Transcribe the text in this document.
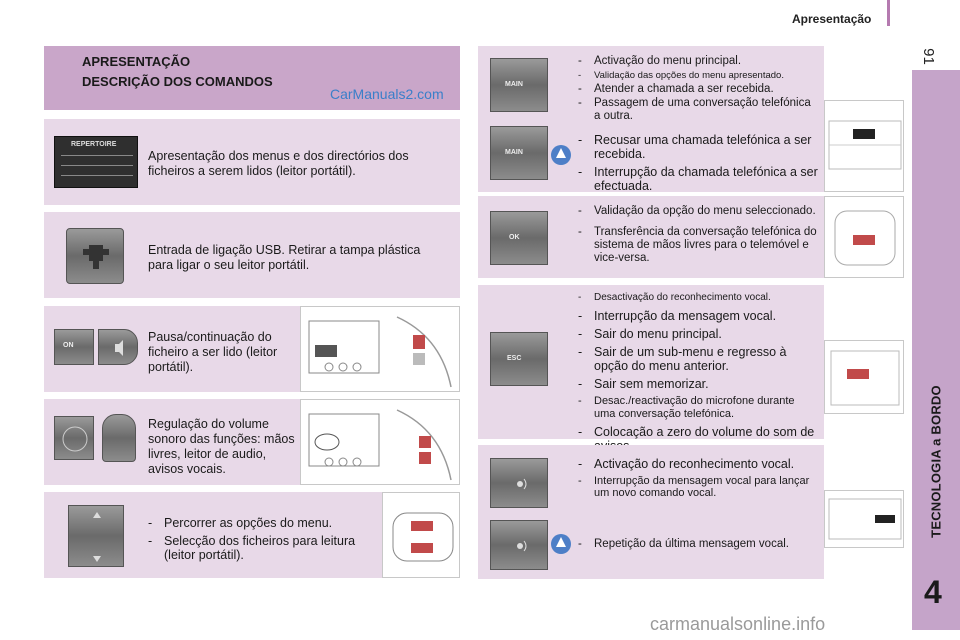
Apresentação
91
TECNOLOGIA a BORDO
4
APRESENTAÇÃO
DESCRIÇÃO DOS COMANDOS
CarManuals2.com
REPERTOIRE
Apresentação dos menus e dos directórios dos ficheiros a serem lidos (leitor portátil).
Entrada de ligação USB. Retirar a tampa plástica para ligar o seu leitor portátil.
ON
Pausa/continuação do ficheiro a ser lido (leitor portátil).
Regulação do volume sonoro das funções: mãos livres, leitor de audio, avisos vocais.
- Percorrer as opções do menu.
- Selecção dos ficheiros para leitura (leitor portátil).
MAIN
- Activação do menu principal.
- Validação das opções do menu apresentado.
- Atender a chamada a ser recebida.
- Passagem de uma conversação telefónica a outra.
MAIN
- Recusar uma chamada telefónica a ser recebida.
- Interrupção da chamada telefónica a ser efectuada.
OK
- Validação da opção do menu seleccionado.
- Transferência da conversação telefónica do sistema de mãos livres para o telemóvel e vice-versa.
ESC
- Desactivação do reconhecimento vocal.
- Interrupção da mensagem vocal.
- Sair do menu principal.
- Sair de um sub-menu e regresso à opção do menu anterior.
- Sair sem memorizar.
- Desac./reactivação do microfone durante uma conversação telefónica.
- Colocação a zero do volume do som de
- Activação do reconhecimento vocal.
- Interrupção da mensagem vocal para lançar um novo comando vocal.
- Repetição da última mensagem vocal.
carmanualsonline.info
